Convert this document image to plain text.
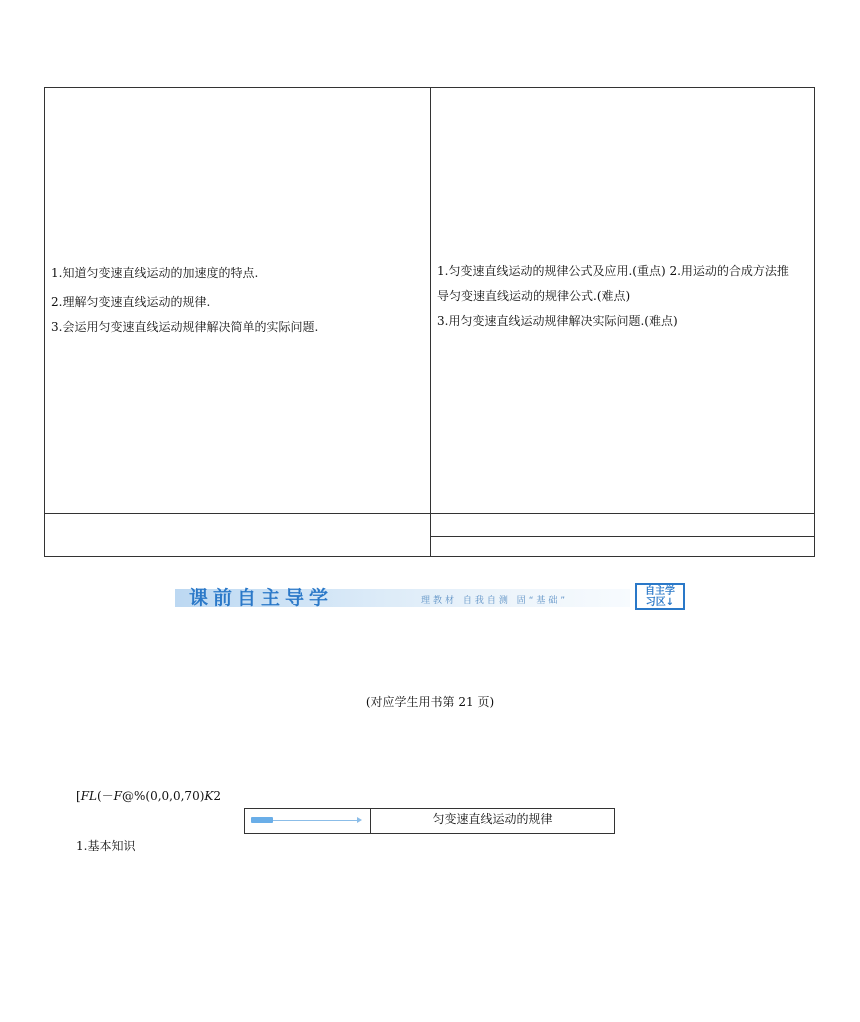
1.知道匀变速直线运动的加速度的特点.
2.理解匀变速直线运动的规律.
3.会运用匀变速直线运动规律解决简单的实际问题.
1.匀变速直线运动的规律公式及应用.(重点) 2.用运动的合成方法推
导匀变速直线运动的规律公式.(难点)
3.用匀变速直线运动规律解决实际问题.(难点)
课前自主导学	理教材 自我自测 固“基础”
自主学
习区↓
(对应学生用书第 21 页)
[FL(－F@%(0,0,0,70)K2
匀变速直线运动的规律
1.基本知识
